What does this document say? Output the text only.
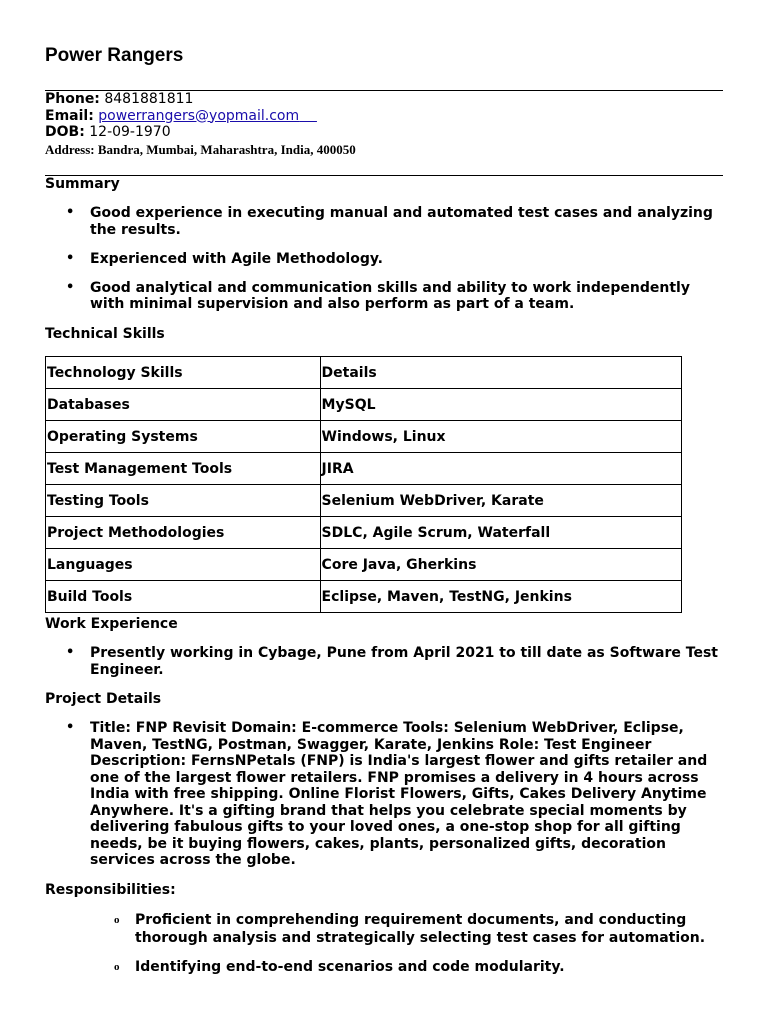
Power Rangers
Phone: 8481881811
Email: powerrangers@yopmail.com
DOB: 12-09-1970
Address: Bandra, Mumbai, Maharashtra, India, 400050
Summary
• Good experience in executing manual and automated test cases and analyzing the results.
• Experienced with Agile Methodology.
• Good analytical and communication skills and ability to work independently with minimal supervision and also perform as part of a team.
Technical Skills
Technology Skills	Details
Databases	MySQL
Operating Systems	Windows, Linux
Test Management Tools	JIRA
Testing Tools	Selenium WebDriver, Karate
Project Methodologies	SDLC, Agile Scrum, Waterfall
Languages	Core Java, Gherkins
Build Tools	Eclipse, Maven, TestNG, Jenkins
Work Experience
• Presently working in Cybage, Pune from April 2021 to till date as Software Test Engineer.
Project Details
• Title: FNP Revisit Domain: E-commerce Tools: Selenium WebDriver, Eclipse, Maven, TestNG, Postman, Swagger, Karate, Jenkins Role: Test Engineer Description: FernsNPetals (FNP) is India's largest flower and gifts retailer and one of the largest flower retailers. FNP promises a delivery in 4 hours across India with free shipping. Online Florist Flowers, Gifts, Cakes Delivery Anytime Anywhere. It's a gifting brand that helps you celebrate special moments by delivering fabulous gifts to your loved ones, a one-stop shop for all gifting needs, be it buying flowers, cakes, plants, personalized gifts, decoration services across the globe.
Responsibilities:
o Proficient in comprehending requirement documents, and conducting thorough analysis and strategically selecting test cases for automation.
o Identifying end-to-end scenarios and code modularity.
